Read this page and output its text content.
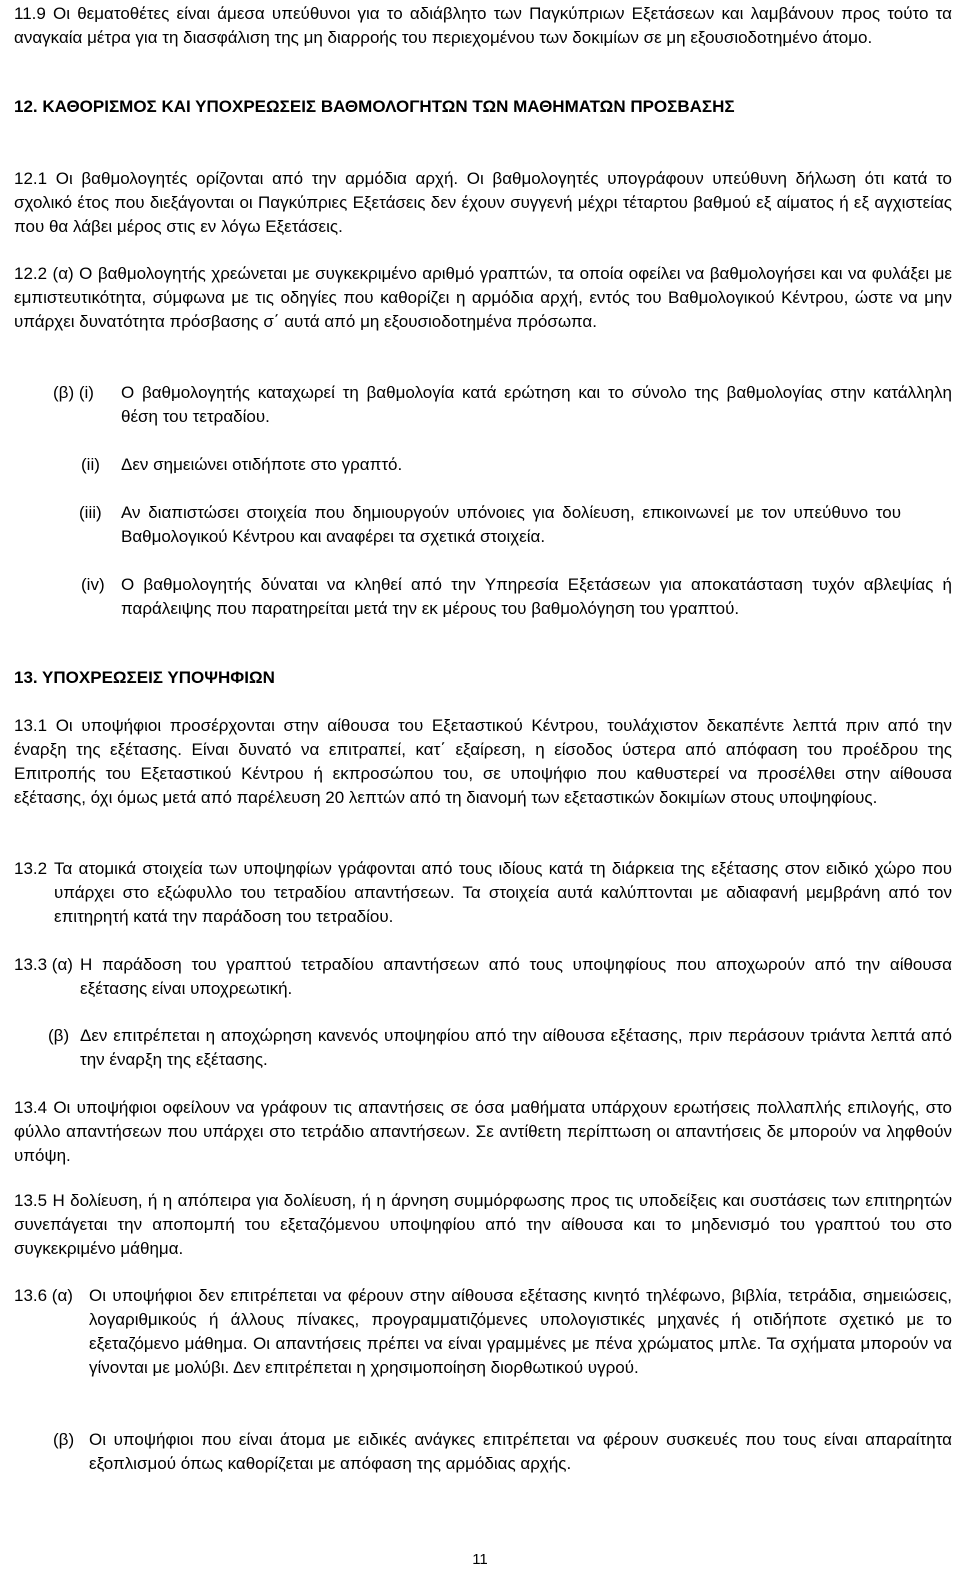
11.9 Οι θεματοθέτες είναι άμεσα υπεύθυνοι για το αδιάβλητο των Παγκύπριων Εξετάσεων και λαμβάνουν προς τούτο τα αναγκαία μέτρα για τη διασφάλιση της μη διαρροής του περιεχομένου των δοκιμίων σε μη εξουσιοδοτημένο άτομο.
12. ΚΑΘΟΡΙΣΜΟΣ ΚΑΙ ΥΠΟΧΡΕΩΣΕΙΣ ΒΑΘΜΟΛΟΓΗΤΩΝ ΤΩΝ ΜΑΘΗΜΑΤΩΝ ΠΡΟΣΒΑΣΗΣ
12.1 Οι βαθμολογητές ορίζονται από την αρμόδια αρχή. Οι βαθμολογητές υπογράφουν υπεύθυνη δήλωση ότι κατά το σχολικό έτος που διεξάγονται οι Παγκύπριες Εξετάσεις δεν έχουν συγγενή μέχρι τέταρτου βαθμού εξ αίματος ή εξ αγχιστείας που θα λάβει μέρος στις εν λόγω Εξετάσεις.
12.2 (α) Ο βαθμολογητής χρεώνεται με συγκεκριμένο αριθμό γραπτών, τα οποία οφείλει να βαθμολογήσει και να φυλάξει με εμπιστευτικότητα, σύμφωνα με τις οδηγίες που καθορίζει η αρμόδια αρχή, εντός του Βαθμολογικού Κέντρου, ώστε να μην υπάρχει δυνατότητα πρόσβασης σ΄ αυτά από μη εξουσιοδοτημένα πρόσωπα.
(β) (i) Ο βαθμολογητής καταχωρεί τη βαθμολογία κατά ερώτηση και το σύνολο της βαθμολογίας στην κατάλληλη θέση του τετραδίου.
(ii) Δεν σημειώνει οτιδήποτε στο γραπτό.
(iii) Αν διαπιστώσει στοιχεία που δημιουργούν υπόνοιες για δολίευση, επικοινωνεί με τον υπεύθυνο του Βαθμολογικού Κέντρου και αναφέρει τα σχετικά στοιχεία.
(iv) Ο βαθμολογητής δύναται να κληθεί από την Υπηρεσία Εξετάσεων για αποκατάσταση τυχόν αβλεψίας ή παράλειψης που παρατηρείται μετά την εκ μέρους του βαθμολόγηση του γραπτού.
13. ΥΠΟΧΡΕΩΣΕΙΣ ΥΠΟΨΗΦΙΩΝ
13.1 Οι υποψήφιοι προσέρχονται στην αίθουσα του Εξεταστικού Κέντρου, τουλάχιστον δεκαπέντε λεπτά πριν από την έναρξη της εξέτασης. Είναι δυνατό να επιτραπεί, κατ΄ εξαίρεση, η είσοδος ύστερα από απόφαση του προέδρου της Επιτροπής του Εξεταστικού Κέντρου ή εκπροσώπου του, σε υποψήφιο που καθυστερεί να προσέλθει στην αίθουσα εξέτασης, όχι όμως μετά από παρέλευση 20 λεπτών από τη διανομή των εξεταστικών δοκιμίων στους υποψηφίους.
13.2 Τα ατομικά στοιχεία των υποψηφίων γράφονται από τους ιδίους κατά τη διάρκεια της εξέτασης στον ειδικό χώρο που υπάρχει στο εξώφυλλο του τετραδίου απαντήσεων. Τα στοιχεία αυτά καλύπτονται με αδιαφανή μεμβράνη από τον επιτηρητή κατά την παράδοση του τετραδίου.
13.3 (α) Η παράδοση του γραπτού τετραδίου απαντήσεων από τους υποψηφίους που αποχωρούν από την αίθουσα εξέτασης είναι υποχρεωτική.
(β) Δεν επιτρέπεται η αποχώρηση κανενός υποψηφίου από την αίθουσα εξέτασης, πριν περάσουν τριάντα λεπτά από την έναρξη της εξέτασης.
13.4 Οι υποψήφιοι οφείλουν να γράφουν τις απαντήσεις σε όσα μαθήματα υπάρχουν ερωτήσεις πολλαπλής επιλογής, στο φύλλο απαντήσεων που υπάρχει στο τετράδιο απαντήσεων. Σε αντίθετη περίπτωση οι απαντήσεις δε μπορούν να ληφθούν υπόψη.
13.5 Η δολίευση, ή η απόπειρα για δολίευση, ή η άρνηση συμμόρφωσης προς τις υποδείξεις και συστάσεις των επιτηρητών συνεπάγεται την αποπομπή του εξεταζόμενου υποψηφίου από την αίθουσα και το μηδενισμό του γραπτού του στο συγκεκριμένο μάθημα.
13.6 (α) Οι υποψήφιοι δεν επιτρέπεται να φέρουν στην αίθουσα εξέτασης κινητό τηλέφωνο, βιβλία, τετράδια, σημειώσεις, λογαριθμικούς ή άλλους πίνακες, προγραμματιζόμενες υπολογιστικές μηχανές ή οτιδήποτε σχετικό με το εξεταζόμενο μάθημα. Οι απαντήσεις πρέπει να είναι γραμμένες με πένα χρώματος μπλε. Τα σχήματα μπορούν να γίνονται με μολύβι. Δεν επιτρέπεται η χρησιμοποίηση διορθωτικού υγρού.
(β) Οι υποψήφιοι που είναι άτομα με ειδικές ανάγκες επιτρέπεται να φέρουν συσκευές που τους είναι απαραίτητα εξοπλισμού όπως καθορίζεται με απόφαση της αρμόδιας αρχής.
11
